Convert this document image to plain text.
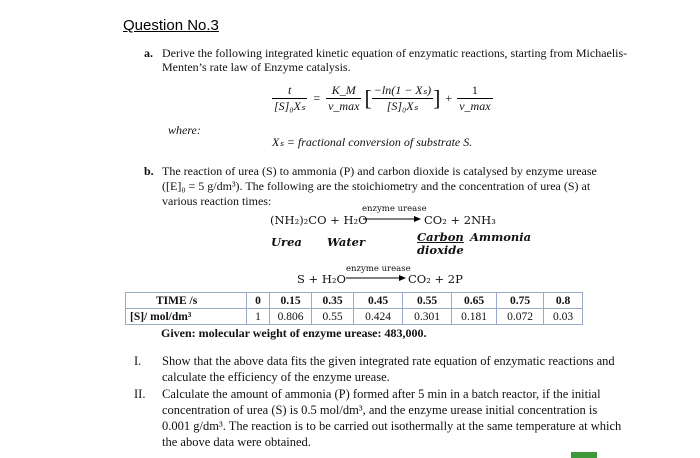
Question No.3
a. Derive the following integrated kinetic equation of enzymatic reactions, starting from Michaelis-
Menten’s rate law of Enzyme catalysis.
$\frac{t}{\text{[S]₀Xₛ}} = \frac{K\_M}{v\_\max}$ [ $\frac{\text{−ln(1 − Xₛ)}}{\text{[S]₀Xₛ}}$ ] + $\frac{1}{v\_\max}$
where:
Xₛ = fractional conversion of substrate S.
b. The reaction of urea (S) to ammonia (P) and carbon dioxide is catalysed by enzyme urease
([E]₀ = 5 g/dm³). The following are the stoichiometry and the concentration of urea (S) at
various reaction times:
(NH₂)₂CO + H₂O
enzyme urease
CO₂ + 2NH₃
Urea Water	Carbon
dioxide
Ammonia
S + H₂O
enzyme urease
CO₂ + 2P
TIME /s	0	0.15	0.35	0.45	0.55	0.65	0.75	0.8
[S]/ mol/dm³	1	0.806	0.55	0.424	0.301	0.181	0.072	0.03
Given: molecular weight of enzyme urease: 483,000.
I. Show that the above data fits the given integrated rate equation of enzymatic reactions and
calculate the efficiency of the enzyme urease.
II. Calculate the amount of ammonia (P) formed after 5 min in a batch reactor, if the initial
concentration of urea (S) is 0.5 mol/dm³, and the enzyme urease initial concentration is
0.001 g/dm³. The reaction is to be carried out isothermally at the same temperature at which
the above data were obtained.
